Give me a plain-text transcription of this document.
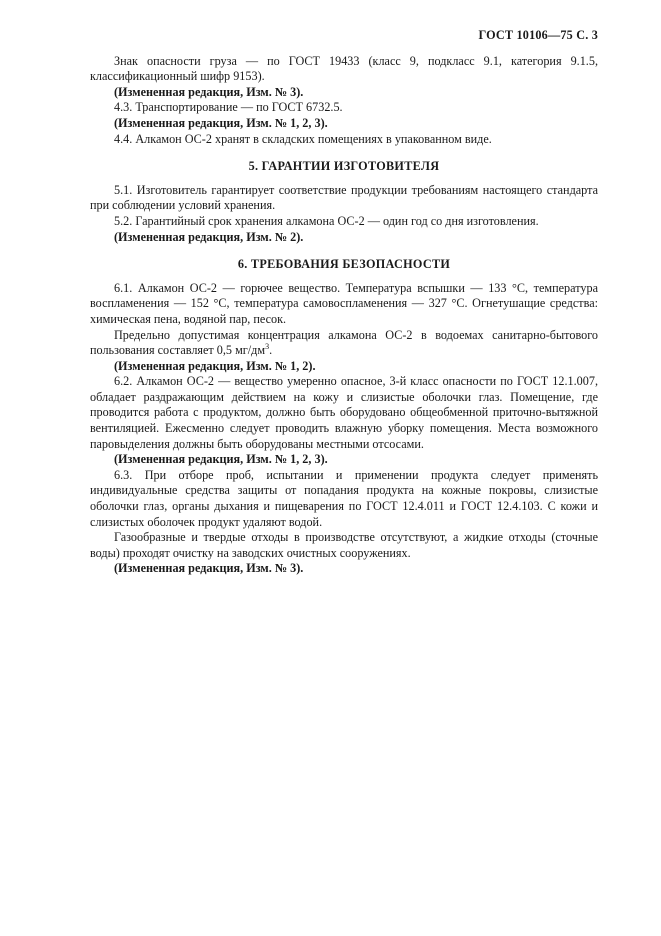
ГОСТ 10106—75 С. 3

Знак опасности груза — по ГОСТ 19433 (класс 9, подкласс 9.1, категория 9.1.5, классификационный шифр 9153).

(Измененная редакция, Изм. № 3).

4.3. Транспортирование — по ГОСТ 6732.5.

(Измененная редакция, Изм. № 1, 2, 3).

4.4. Алкамон ОС-2 хранят в складских помещениях в упакованном виде.

5. ГАРАНТИИ ИЗГОТОВИТЕЛЯ

5.1. Изготовитель гарантирует соответствие продукции требованиям настоящего стандарта при соблюдении условий хранения.

5.2. Гарантийный срок хранения алкамона ОС-2 — один год со дня изготовления.

(Измененная редакция, Изм. № 2).

6. ТРЕБОВАНИЯ БЕЗОПАСНОСТИ

6.1. Алкамон ОС-2 — горючее вещество. Температура вспышки — 133 °С, температура воспламенения — 152 °С, температура самовоспламенения — 327 °С. Огнетушащие средства: химическая пена, водяной пар, песок.

Предельно допустимая концентрация алкамона ОС-2 в водоемах санитарно-бытового пользования составляет 0,5 $мг/дм^3$.

(Измененная редакция, Изм. № 1, 2).

6.2. Алкамон ОС-2 — вещество умеренно опасное, 3-й класс опасности по ГОСТ 12.1.007, обладает раздражающим действием на кожу и слизистые оболочки глаз. Помещение, где проводится работа с продуктом, должно быть оборудовано общеобменной приточно-вытяжной вентиляцией. Ежесменно следует проводить влажную уборку помещения. Места возможного паровыделения должны быть оборудованы местными отсосами.

(Измененная редакция, Изм. № 1, 2, 3).

6.3. При отборе проб, испытании и применении продукта следует применять индивидуальные средства защиты от попадания продукта на кожные покровы, слизистые оболочки глаз, органы дыхания и пищеварения по ГОСТ 12.4.011 и ГОСТ 12.4.103. С кожи и слизистых оболочек продукт удаляют водой.

Газообразные и твердые отходы в производстве отсутствуют, а жидкие отходы (сточные воды) проходят очистку на заводских очистных сооружениях.

(Измененная редакция, Изм. № 3).
